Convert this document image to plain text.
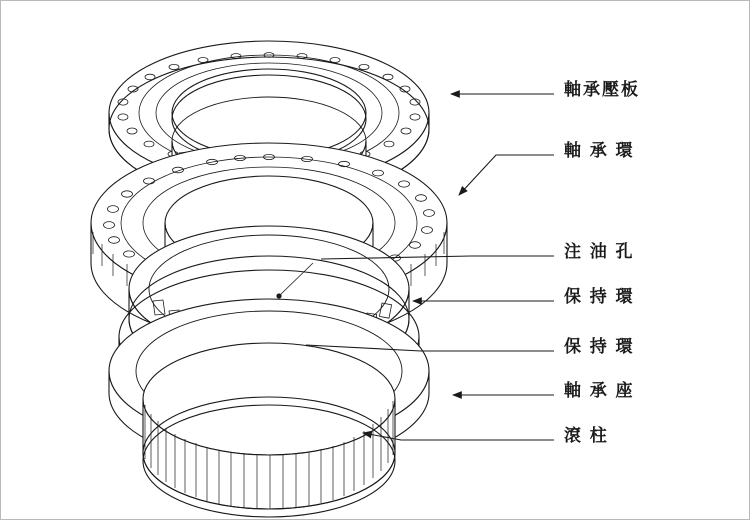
軸承壓板
軸 承 環
注 油 孔
保 持 環
保 持 環
軸 承 座
滾 柱
